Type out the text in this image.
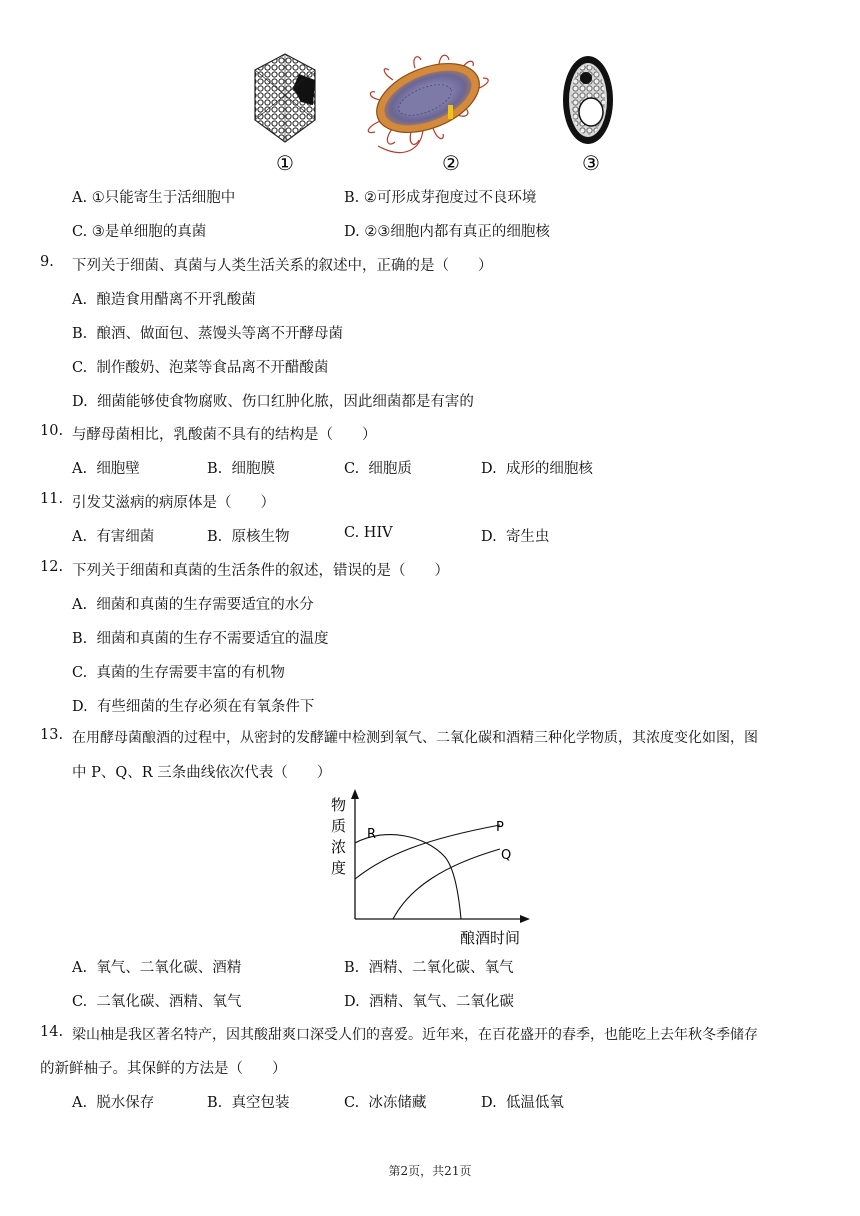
①	②	③
A. ①只能寄生于活细胞中	B. ②可形成芽孢度过不良环境
C. ③是单细胞的真菌	D. ②③细胞内都有真正的细胞核
9. 下列关于细菌、真菌与人类生活关系的叙述中，正确的是（　　）
A. 酿造食用醋离不开乳酸菌
B. 酿酒、做面包、蒸馒头等离不开酵母菌
C. 制作酸奶、泡菜等食品离不开醋酸菌
D. 细菌能够使食物腐败、伤口红肿化脓，因此细菌都是有害的
10. 与酵母菌相比，乳酸菌不具有的结构是（　　）
A. 细胞壁	B. 细胞膜	C. 细胞质	D. 成形的细胞核
11. 引发艾滋病的病原体是（　　）
A. 有害细菌	B. 原核生物	C. HIV	D. 寄生虫
12. 下列关于细菌和真菌的生活条件的叙述，错误的是（　　）
A. 细菌和真菌的生存需要适宜的水分
B. 细菌和真菌的生存不需要适宜的温度
C. 真菌的生存需要丰富的有机物
D. 有些细菌的生存必须在有氧条件下
13. 在用酵母菌酿酒的过程中，从密封的发酵罐中检测到氧气、二氧化碳和酒精三种化学物质，其浓度变化如图，图
中 P、Q、R 三条曲线依次代表（　　）
物
质
浓
度
R	P
Q
酿酒时间
A. 氧气、二氧化碳、酒精	B. 酒精、二氧化碳、氧气
C. 二氧化碳、酒精、氧气	D. 酒精、氧气、二氧化碳
14. 梁山柚是我区著名特产，因其酸甜爽口深受人们的喜爱。近年来，在百花盛开的春季，也能吃上去年秋冬季储存
的新鲜柚子。其保鲜的方法是（　　）
A. 脱水保存	B. 真空包装	C. 冰冻储藏	D. 低温低氧
第2页，共21页
